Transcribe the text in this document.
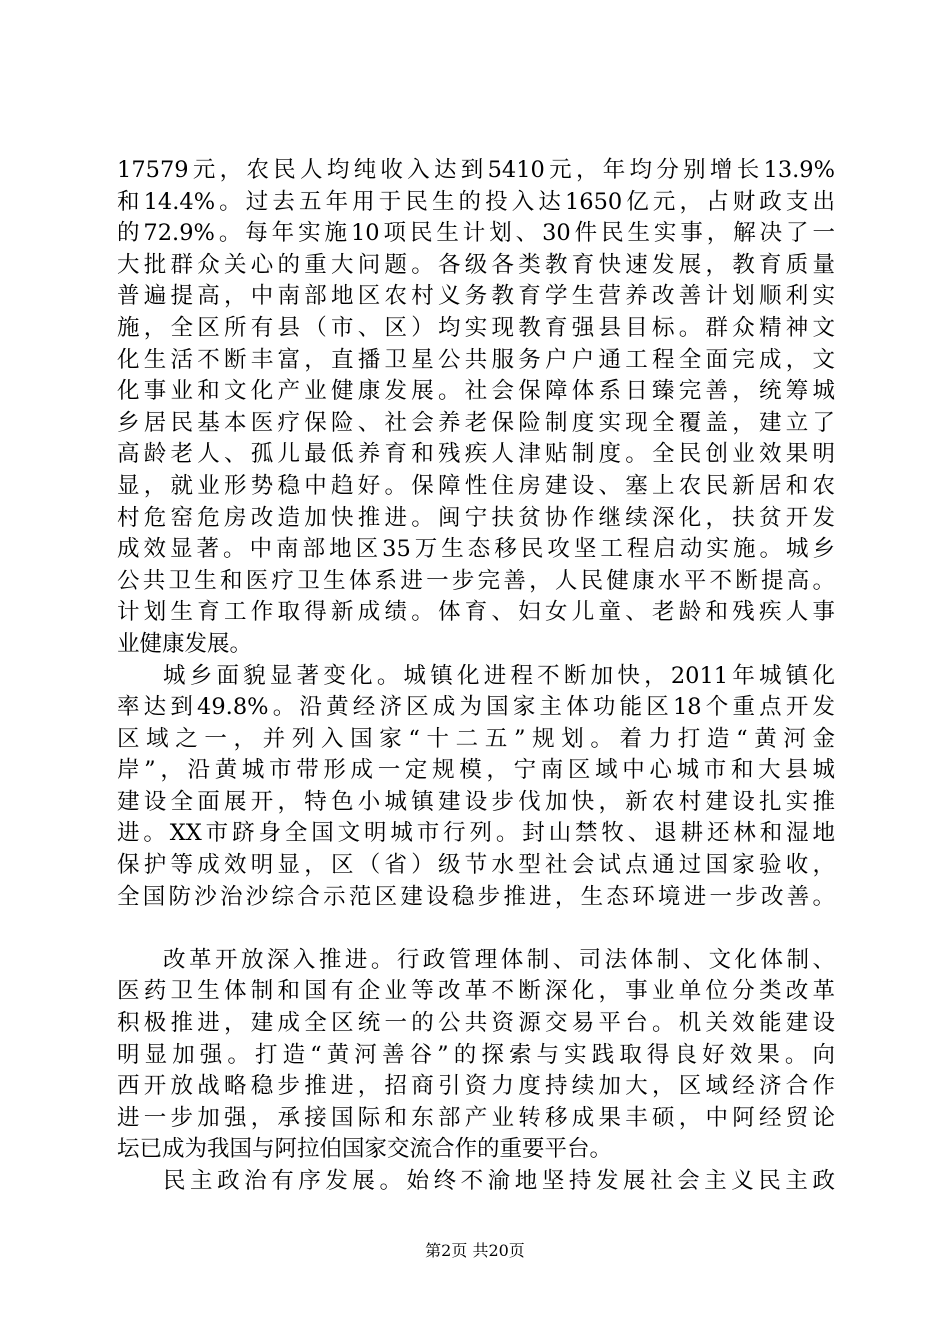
17579元，农民人均纯收入达到5410元，年均分别增长13.9%
和14.4%。过去五年用于民生的投入达1650亿元，占财政支出
的72.9%。每年实施10项民生计划、30件民生实事，解决了一
大批群众关心的重大问题。各级各类教育快速发展，教育质量
普遍提高，中南部地区农村义务教育学生营养改善计划顺利实
施，全区所有县（市、区）均实现教育强县目标。群众精神文
化生活不断丰富，直播卫星公共服务户户通工程全面完成，文
化事业和文化产业健康发展。社会保障体系日臻完善，统筹城
乡居民基本医疗保险、社会养老保险制度实现全覆盖，建立了
高龄老人、孤儿最低养育和残疾人津贴制度。全民创业效果明
显，就业形势稳中趋好。保障性住房建设、塞上农民新居和农
村危窑危房改造加快推进。闽宁扶贫协作继续深化，扶贫开发
成效显著。中南部地区35万生态移民攻坚工程启动实施。城乡
公共卫生和医疗卫生体系进一步完善，人民健康水平不断提高。
计划生育工作取得新成绩。体育、妇女儿童、老龄和残疾人事
业健康发展。
城乡面貌显著变化。城镇化进程不断加快，2011年城镇化
率达到49.8%。沿黄经济区成为国家主体功能区18个重点开发
区域之一，并列入国家“十二五”规划。着力打造“黄河金
岸”，沿黄城市带形成一定规模，宁南区域中心城市和大县城
建设全面展开，特色小城镇建设步伐加快，新农村建设扎实推
进。XX市跻身全国文明城市行列。封山禁牧、退耕还林和湿地
保护等成效明显，区（省）级节水型社会试点通过国家验收，
全国防沙治沙综合示范区建设稳步推进，生态环境进一步改善。
改革开放深入推进。行政管理体制、司法体制、文化体制、
医药卫生体制和国有企业等改革不断深化，事业单位分类改革
积极推进，建成全区统一的公共资源交易平台。机关效能建设
明显加强。打造“黄河善谷”的探索与实践取得良好效果。向
西开放战略稳步推进，招商引资力度持续加大，区域经济合作
进一步加强，承接国际和东部产业转移成果丰硕，中阿经贸论
坛已成为我国与阿拉伯国家交流合作的重要平台。
民主政治有序发展。始终不渝地坚持发展社会主义民主政
第2页 共20页
